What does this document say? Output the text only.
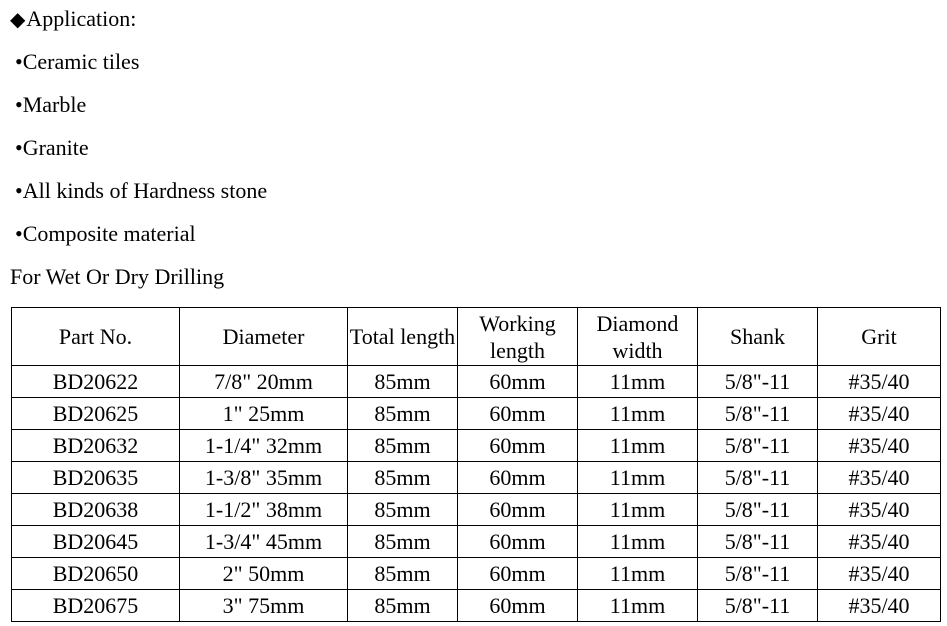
◆Application:
•Ceramic tiles
•Marble
•Granite
•All kinds of Hardness stone
•Composite material
For Wet Or Dry Drilling
Part No.	Diameter	Total length	Working length	Diamond width	Shank	Grit
BD20622	7/8" 20mm	85mm	60mm	11mm	5/8"-11	#35/40
BD20625	1" 25mm	85mm	60mm	11mm	5/8"-11	#35/40
BD20632	1-1/4" 32mm	85mm	60mm	11mm	5/8"-11	#35/40
BD20635	1-3/8" 35mm	85mm	60mm	11mm	5/8"-11	#35/40
BD20638	1-1/2" 38mm	85mm	60mm	11mm	5/8"-11	#35/40
BD20645	1-3/4" 45mm	85mm	60mm	11mm	5/8"-11	#35/40
BD20650	2" 50mm	85mm	60mm	11mm	5/8"-11	#35/40
BD20675	3" 75mm	85mm	60mm	11mm	5/8"-11	#35/40
